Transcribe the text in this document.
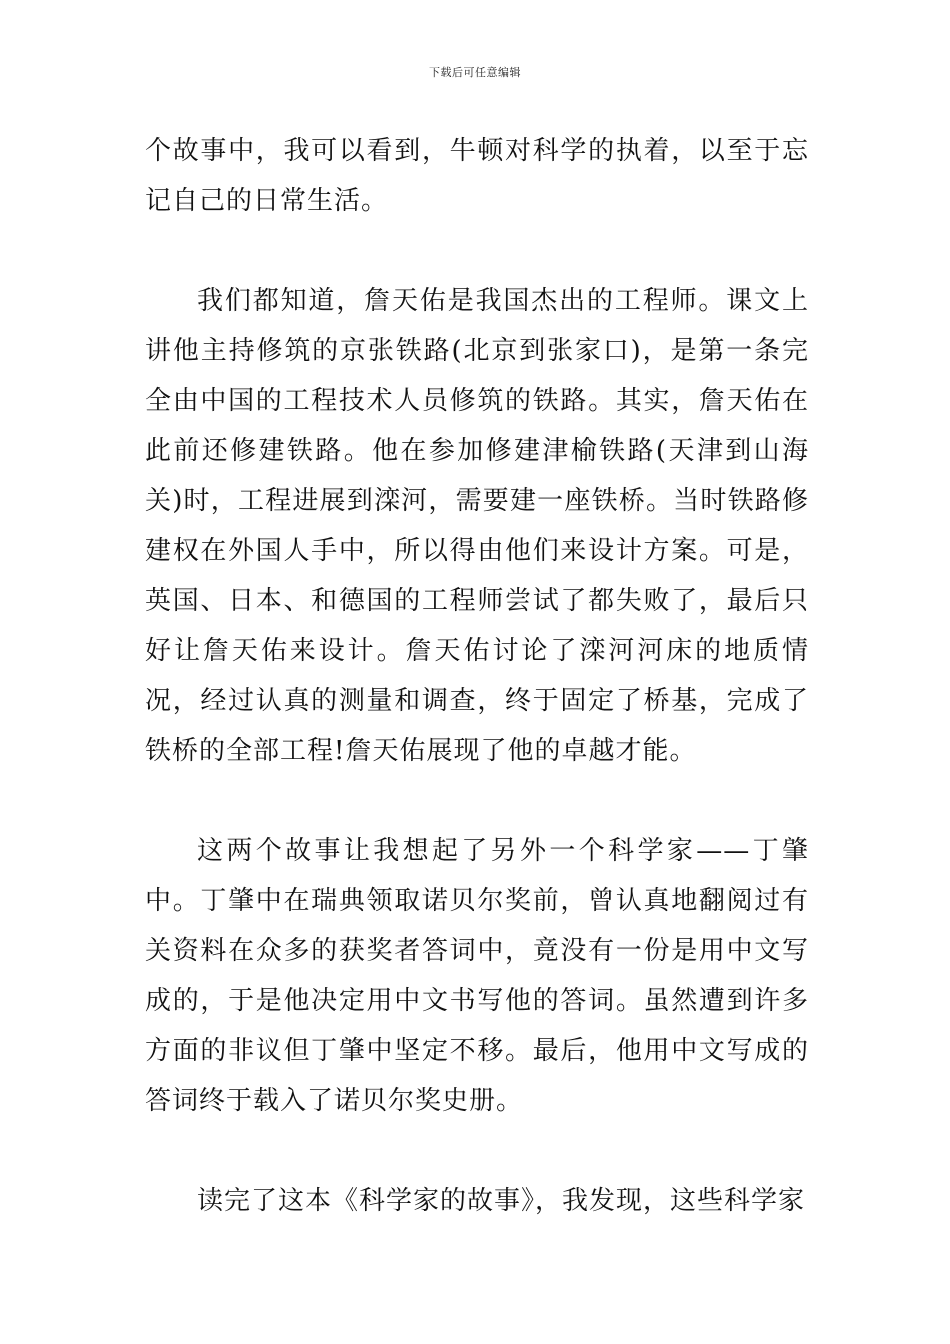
下载后可任意编辑

个故事中，我可以看到，牛顿对科学的执着，以至于忘记自己的日常生活。

我们都知道，詹天佑是我国杰出的工程师。课文上讲他主持修筑的京张铁路(北京到张家口)，是第一条完全由中国的工程技术人员修筑的铁路。其实，詹天佑在此前还修建铁路。他在参加修建津榆铁路(天津到山海关)时，工程进展到滦河，需要建一座铁桥。当时铁路修建权在外国人手中，所以得由他们来设计方案。可是，英国、日本、和德国的工程师尝试了都失败了，最后只好让詹天佑来设计。詹天佑讨论了滦河河床的地质情况，经过认真的测量和调查，终于固定了桥基，完成了铁桥的全部工程!詹天佑展现了他的卓越才能。

这两个故事让我想起了另外一个科学家——丁肇中。丁肇中在瑞典领取诺贝尔奖前，曾认真地翻阅过有关资料在众多的获奖者答词中，竟没有一份是用中文写成的，于是他决定用中文书写他的答词。虽然遭到许多方面的非议但丁肇中坚定不移。最后，他用中文写成的答词终于载入了诺贝尔奖史册。

读完了这本《科学家的故事》，我发现，这些科学家
